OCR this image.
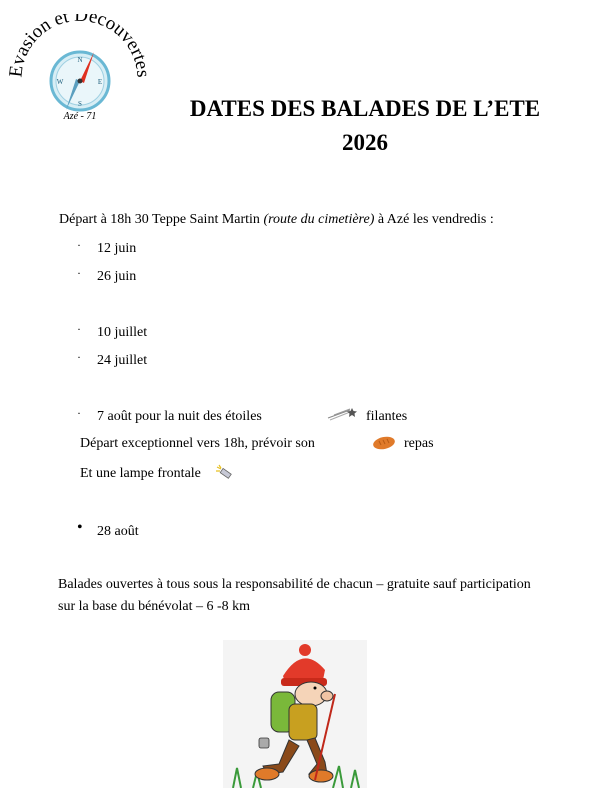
vasion et Découver
N
E
S
W
Azé - 71	DATES DES BALADES DE L’ETE
2026
Départ à 18h 30 Teppe Saint Martin (route du cimetière) à Azé les vendredis :
· 12 juin
· 26 juin
· 10 juillet
· 24 juillet
· 7 août pour la nuit des étoiles	filantes
Départ exceptionnel vers 18h, prévoir son	repas
Et une lampe frontale
• 28 août
Balades ouvertes à tous sous la responsabilité de chacun – gratuite sauf participation
sur la base du bénévolat – 6 -8 km
